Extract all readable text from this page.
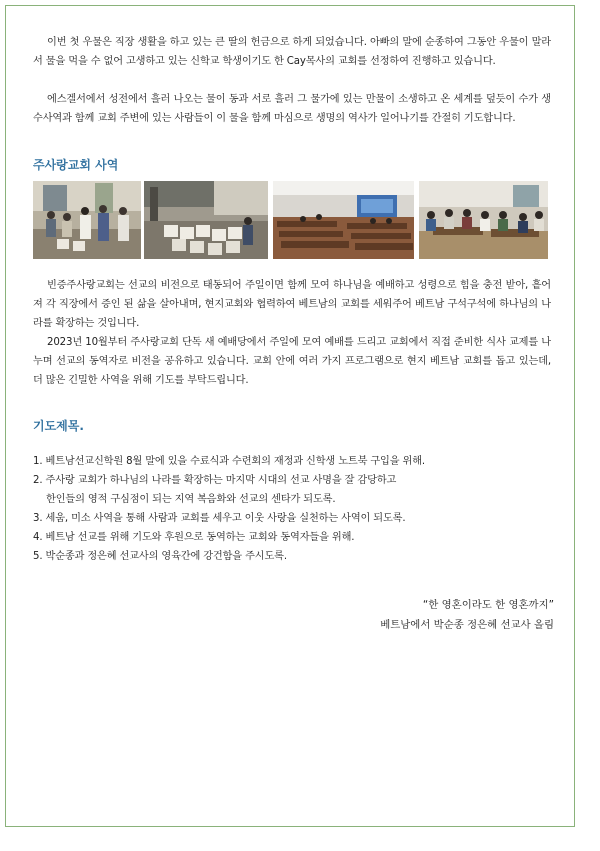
이번 첫 우물은 직장 생활을 하고 있는 큰 딸의 헌금으로 하게 되었습니다. 아빠의 말에 순종하여 그동안 우물이 말라서 물을 먹을 수 없어 고생하고 있는 신학교 학생이기도 한 Cay목사의 교회를 선정하여 진행하고 있습니다.

에스겔서에서 성전에서 흘러 나오는 물이 동과 서로 흘러 그 물가에 있는 만물이 소생하고 온 세계를 덮듯이 수가 생수사역과 함께 교회 주변에 있는 사람들이 이 물을 함께 마심으로 생명의 역사가 일어나기를 간절히 기도합니다.

주사랑교회 사역

빈증주사랑교회는 선교의 비전으로 태동되어 주일이면 함께 모여 하나님을 예배하고 성령으로 힘을 충전 받아, 흩어져 각 직장에서 증인 된 삶을 살아내며, 현지교회와 협력하여 베트남의 교회를 세워주어 베트남 구석구석에 하나님의 나라를 확장하는 것입니다.

2023년 10월부터 주사랑교회 단독 새 예배당에서 주일에 모여 예배를 드리고 교회에서 직접 준비한 식사 교제를 나누며 선교의 동역자로 비전을 공유하고 있습니다. 교회 안에 여러 가지 프로그램으로 현지 베트남 교회를 돕고 있는데, 더 많은 긴밀한 사역을 위해 기도를 부탁드립니다.

기도제목.
1. 베트남선교신학원 8월 말에 있을 수료식과 수련회의 재정과 신학생 노트북 구입을 위해.
2. 주사랑 교회가 하나님의 나라를 확장하는 마지막 시대의 선교 사명을 잘 감당하고
한인들의 영적 구심점이 되는 지역 복음화와 선교의 센타가 되도록.
3. 세움, 미소 사역을 통해 사람과 교회를 세우고 이웃 사랑을 실천하는 사역이 되도록.
4. 베트남 선교를 위해 기도와 후원으로 동역하는 교회와 동역자들을 위해.
5. 박순종과 정은혜 선교사의 영육간에 강건함을 주시도록.

“한 영혼이라도 한 영혼까지”

베트남에서 박순종 정은혜 선교사 올림
